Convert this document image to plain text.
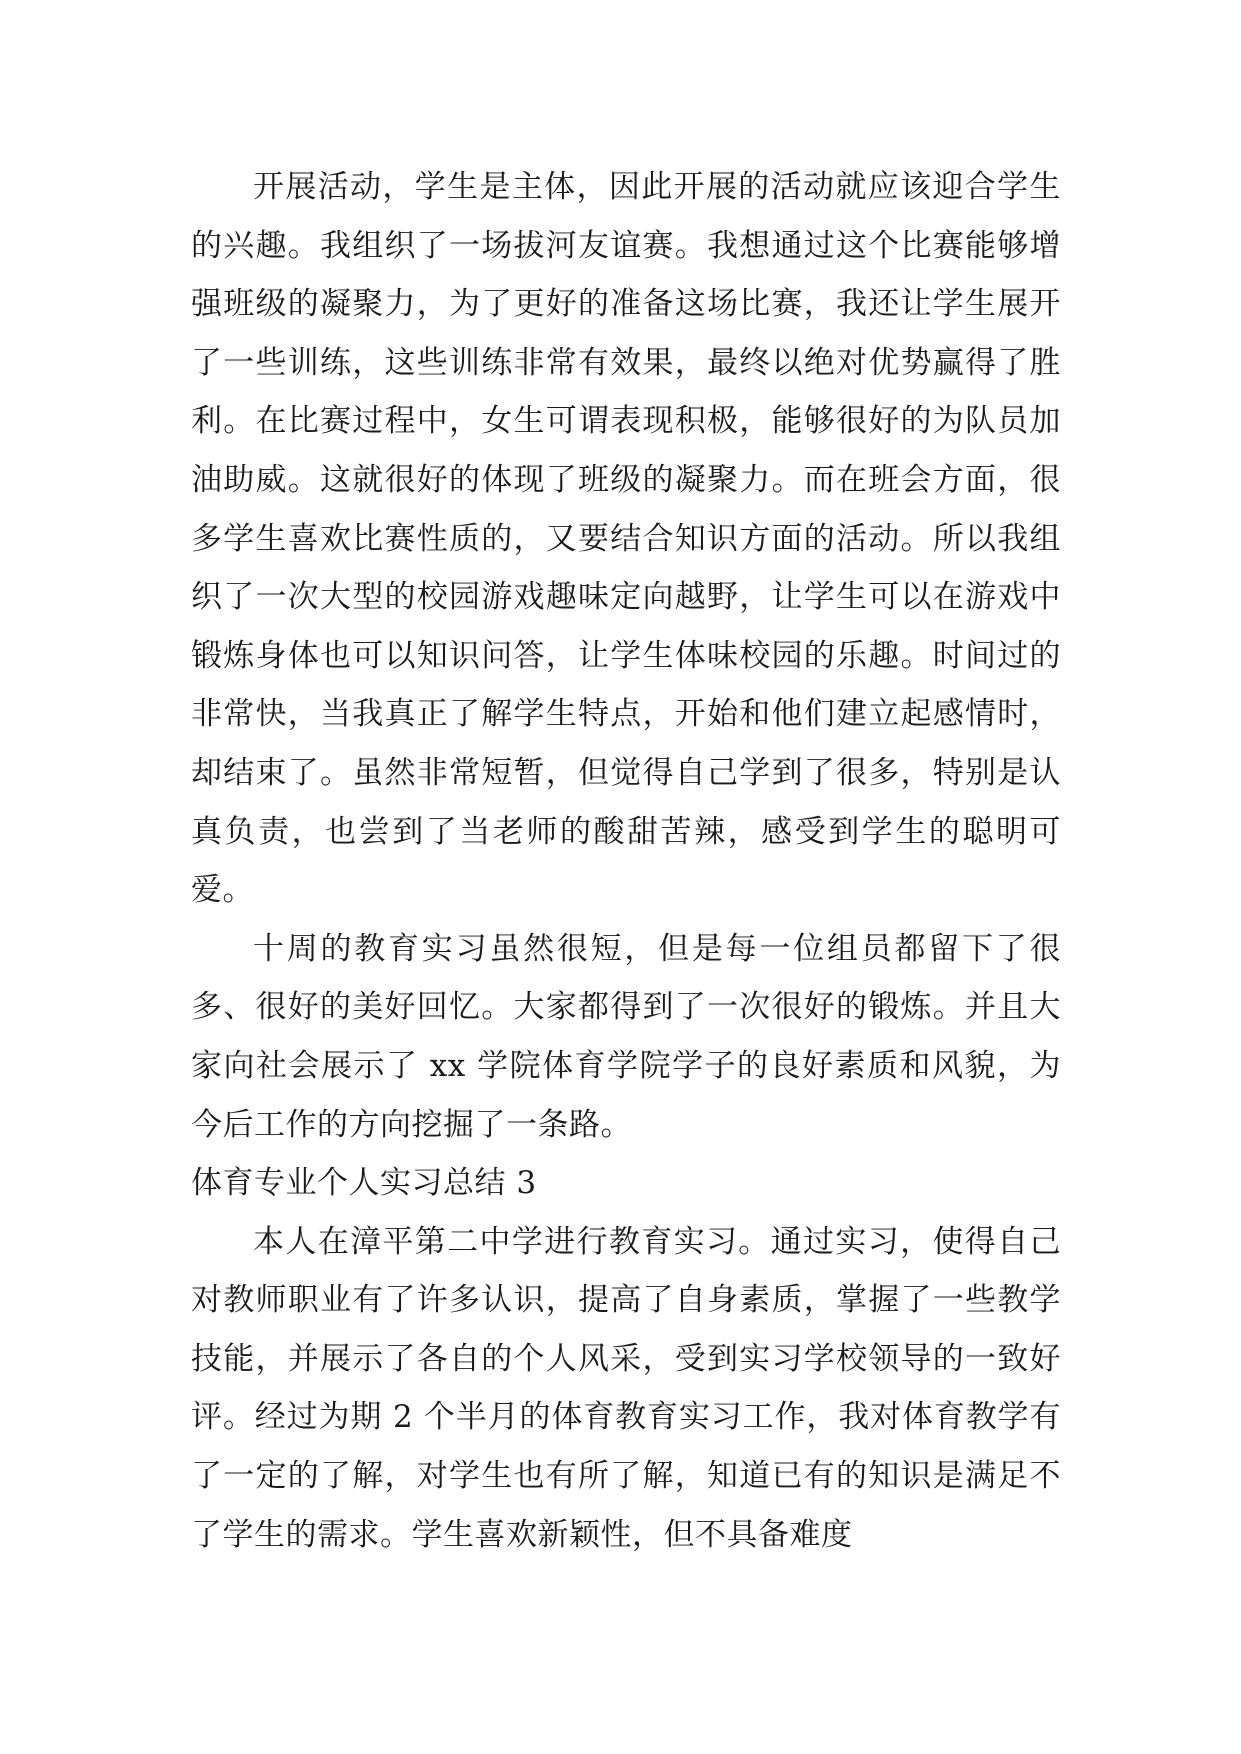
开展活动，学生是主体，因此开展的活动就应该迎合学生的兴趣。我组织了一场拔河友谊赛。我想通过这个比赛能够增强班级的凝聚力，为了更好的准备这场比赛，我还让学生展开了一些训练，这些训练非常有效果，最终以绝对优势赢得了胜利。在比赛过程中，女生可谓表现积极，能够很好的为队员加油助威。这就很好的体现了班级的凝聚力。而在班会方面，很多学生喜欢比赛性质的，又要结合知识方面的活动。所以我组织了一次大型的校园游戏趣味定向越野，让学生可以在游戏中锻炼身体也可以知识问答，让学生体味校园的乐趣。时间过的非常快，当我真正了解学生特点，开始和他们建立起感情时，却结束了。虽然非常短暂，但觉得自己学到了很多，特别是认真负责，也尝到了当老师的酸甜苦辣，感受到学生的聪明可爱。

十周的教育实习虽然很短，但是每一位组员都留下了很多、很好的美好回忆。大家都得到了一次很好的锻炼。并且大家向社会展示了 xx 学院体育学院学子的良好素质和风貌，为今后工作的方向挖掘了一条路。

体育专业个人实习总结 3

本人在漳平第二中学进行教育实习。通过实习，使得自己对教师职业有了许多认识，提高了自身素质，掌握了一些教学技能，并展示了各自的个人风采，受到实习学校领导的一致好评。经过为期 2 个半月的体育教育实习工作，我对体育教学有了一定的了解，对学生也有所了解，知道已有的知识是满足不了学生的需求。学生喜欢新颖性，但不具备难度
